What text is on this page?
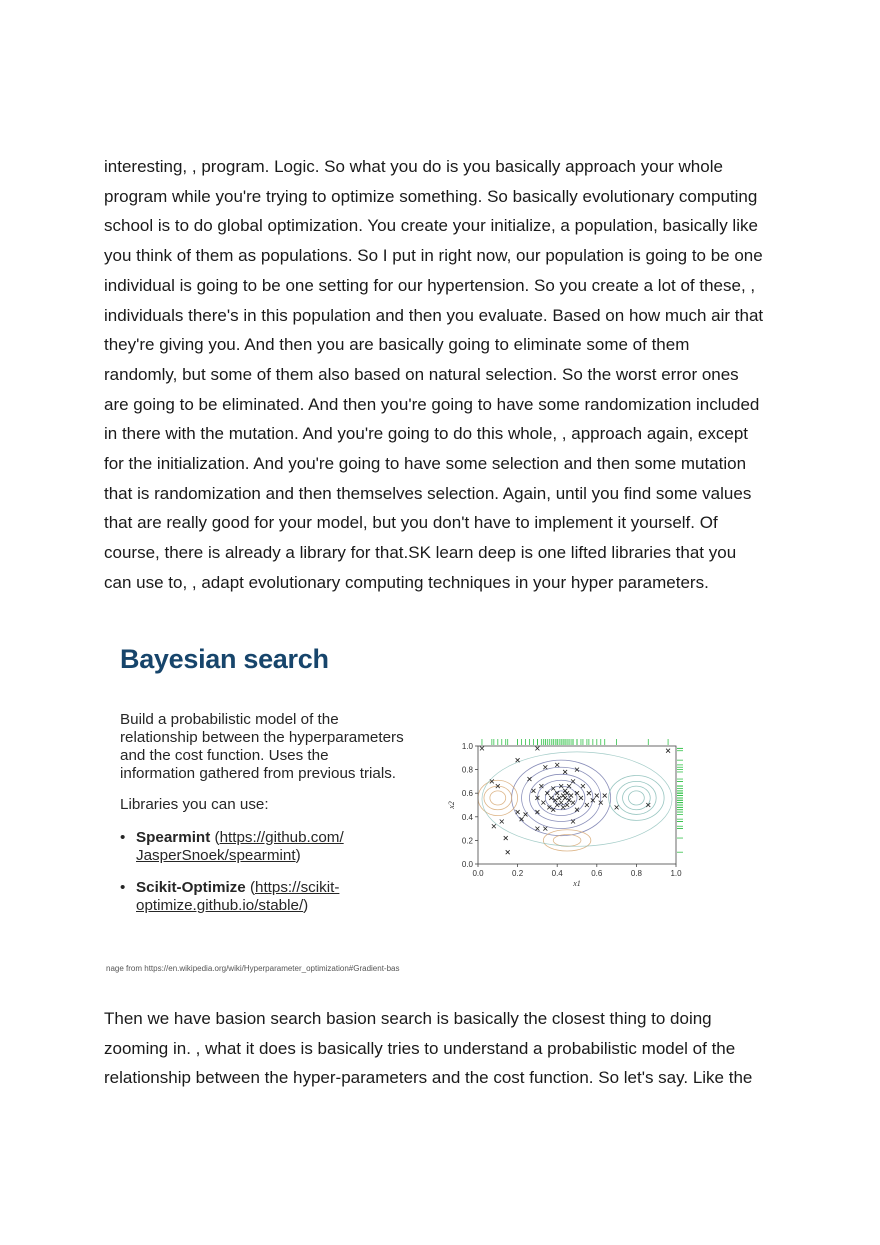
interesting, , program. Logic. So what you do is you basically approach your whole
program while you're trying to optimize something. So basically evolutionary computing
school is to do global optimization. You create your initialize, a population, basically like
you think of them as populations. So I put in right now, our population is going to be one
individual is going to be one setting for our hypertension. So you create a lot of these, ,
individuals there's in this population and then you evaluate. Based on how much air that
they're giving you. And then you are basically going to eliminate some of them
randomly, but some of them also based on natural selection. So the worst error ones
are going to be eliminated. And then you're going to have some randomization included
in there with the mutation. And you're going to do this whole, , approach again, except
for the initialization. And you're going to have some selection and then some mutation
that is randomization and then themselves selection. Again, until you find some values
that are really good for your model, but you don't have to implement it yourself. Of
course, there is already a library for that.SK learn deep is one lifted libraries that you
can use to, , adapt evolutionary computing techniques in your hyper parameters.

Bayesian search

Build a probabilistic model of the
relationship between the hyperparameters
and the cost function. Uses the
information gathered from previous trials.

Libraries you can use:

• Spearmint (https://github.com/
JasperSnoek/spearmint)
• Scikit-Optimize (https://scikit-
optimize.github.io/stable/)
0.0	0.2	0.4	0.6	0.8	1.0
0.0
0.2
0.4
0.6
0.8
1.0
x1
x2

nage from https://en.wikipedia.org/wiki/Hyperparameter_optimization#Gradient-bas

Then we have basion search basion search is basically the closest thing to doing
zooming in. , what it does is basically tries to understand a probabilistic model of the
relationship between the hyper-parameters and the cost function. So let's say. Like the
